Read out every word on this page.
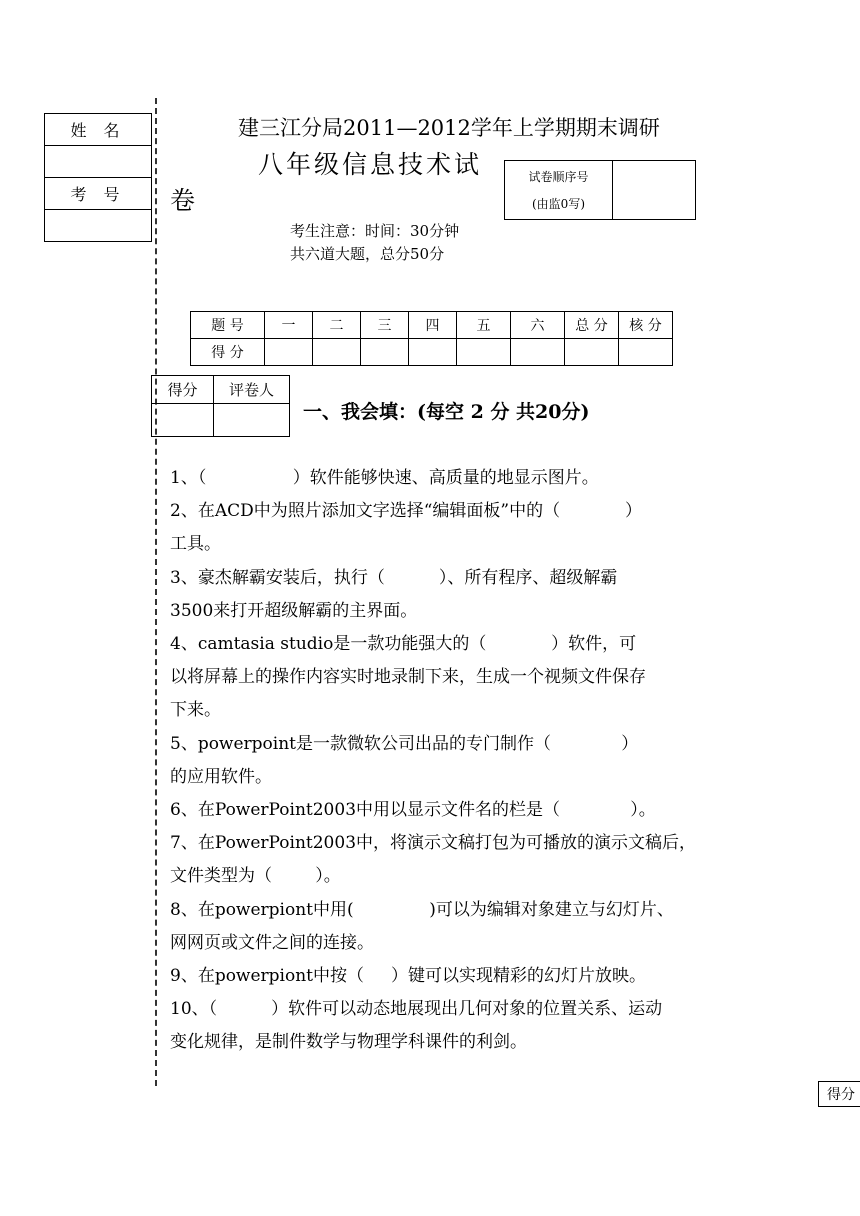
姓 名
考 号
建三江分局2011—2012学年上学期期末调研
八年级信息技术试
卷
试卷顺序号
(由监0写)
考生注意：时间：30分钟
共六道大题，总分50分
题 号	一	二	三	四	五	六	总 分	核 分
得 分								
得分	评卷人

一、我会填：(每空 2 分 共20分)
1、（                ）软件能够快速、高质量的地显示图片。
2、在ACD中为照片添加文字选择“编辑面板”中的（            ）
工具。
3、豪杰解霸安装后，执行（          ）、所有程序、超级解霸
3500来打开超级解霸的主界面。
4、camtasia studio是一款功能强大的（            ）软件，可
以将屏幕上的操作内容实时地录制下来，生成一个视频文件保存
下来。
5、powerpoint是一款微软公司出品的专门制作（             ）
的应用软件。
6、在PowerPoint2003中用以显示文件名的栏是（             ）。
7、在PowerPoint2003中，将演示文稿打包为可播放的演示文稿后，
文件类型为（        ）。
8、在powerpiont中用(              )可以为编辑对象建立与幻灯片、
网网页或文件之间的连接。
9、在powerpiont中按（     ）键可以实现精彩的幻灯片放映。
10、（          ）软件可以动态地展现出几何对象的位置关系、运动
变化规律，是制件数学与物理学科课件的利剑。
得分
